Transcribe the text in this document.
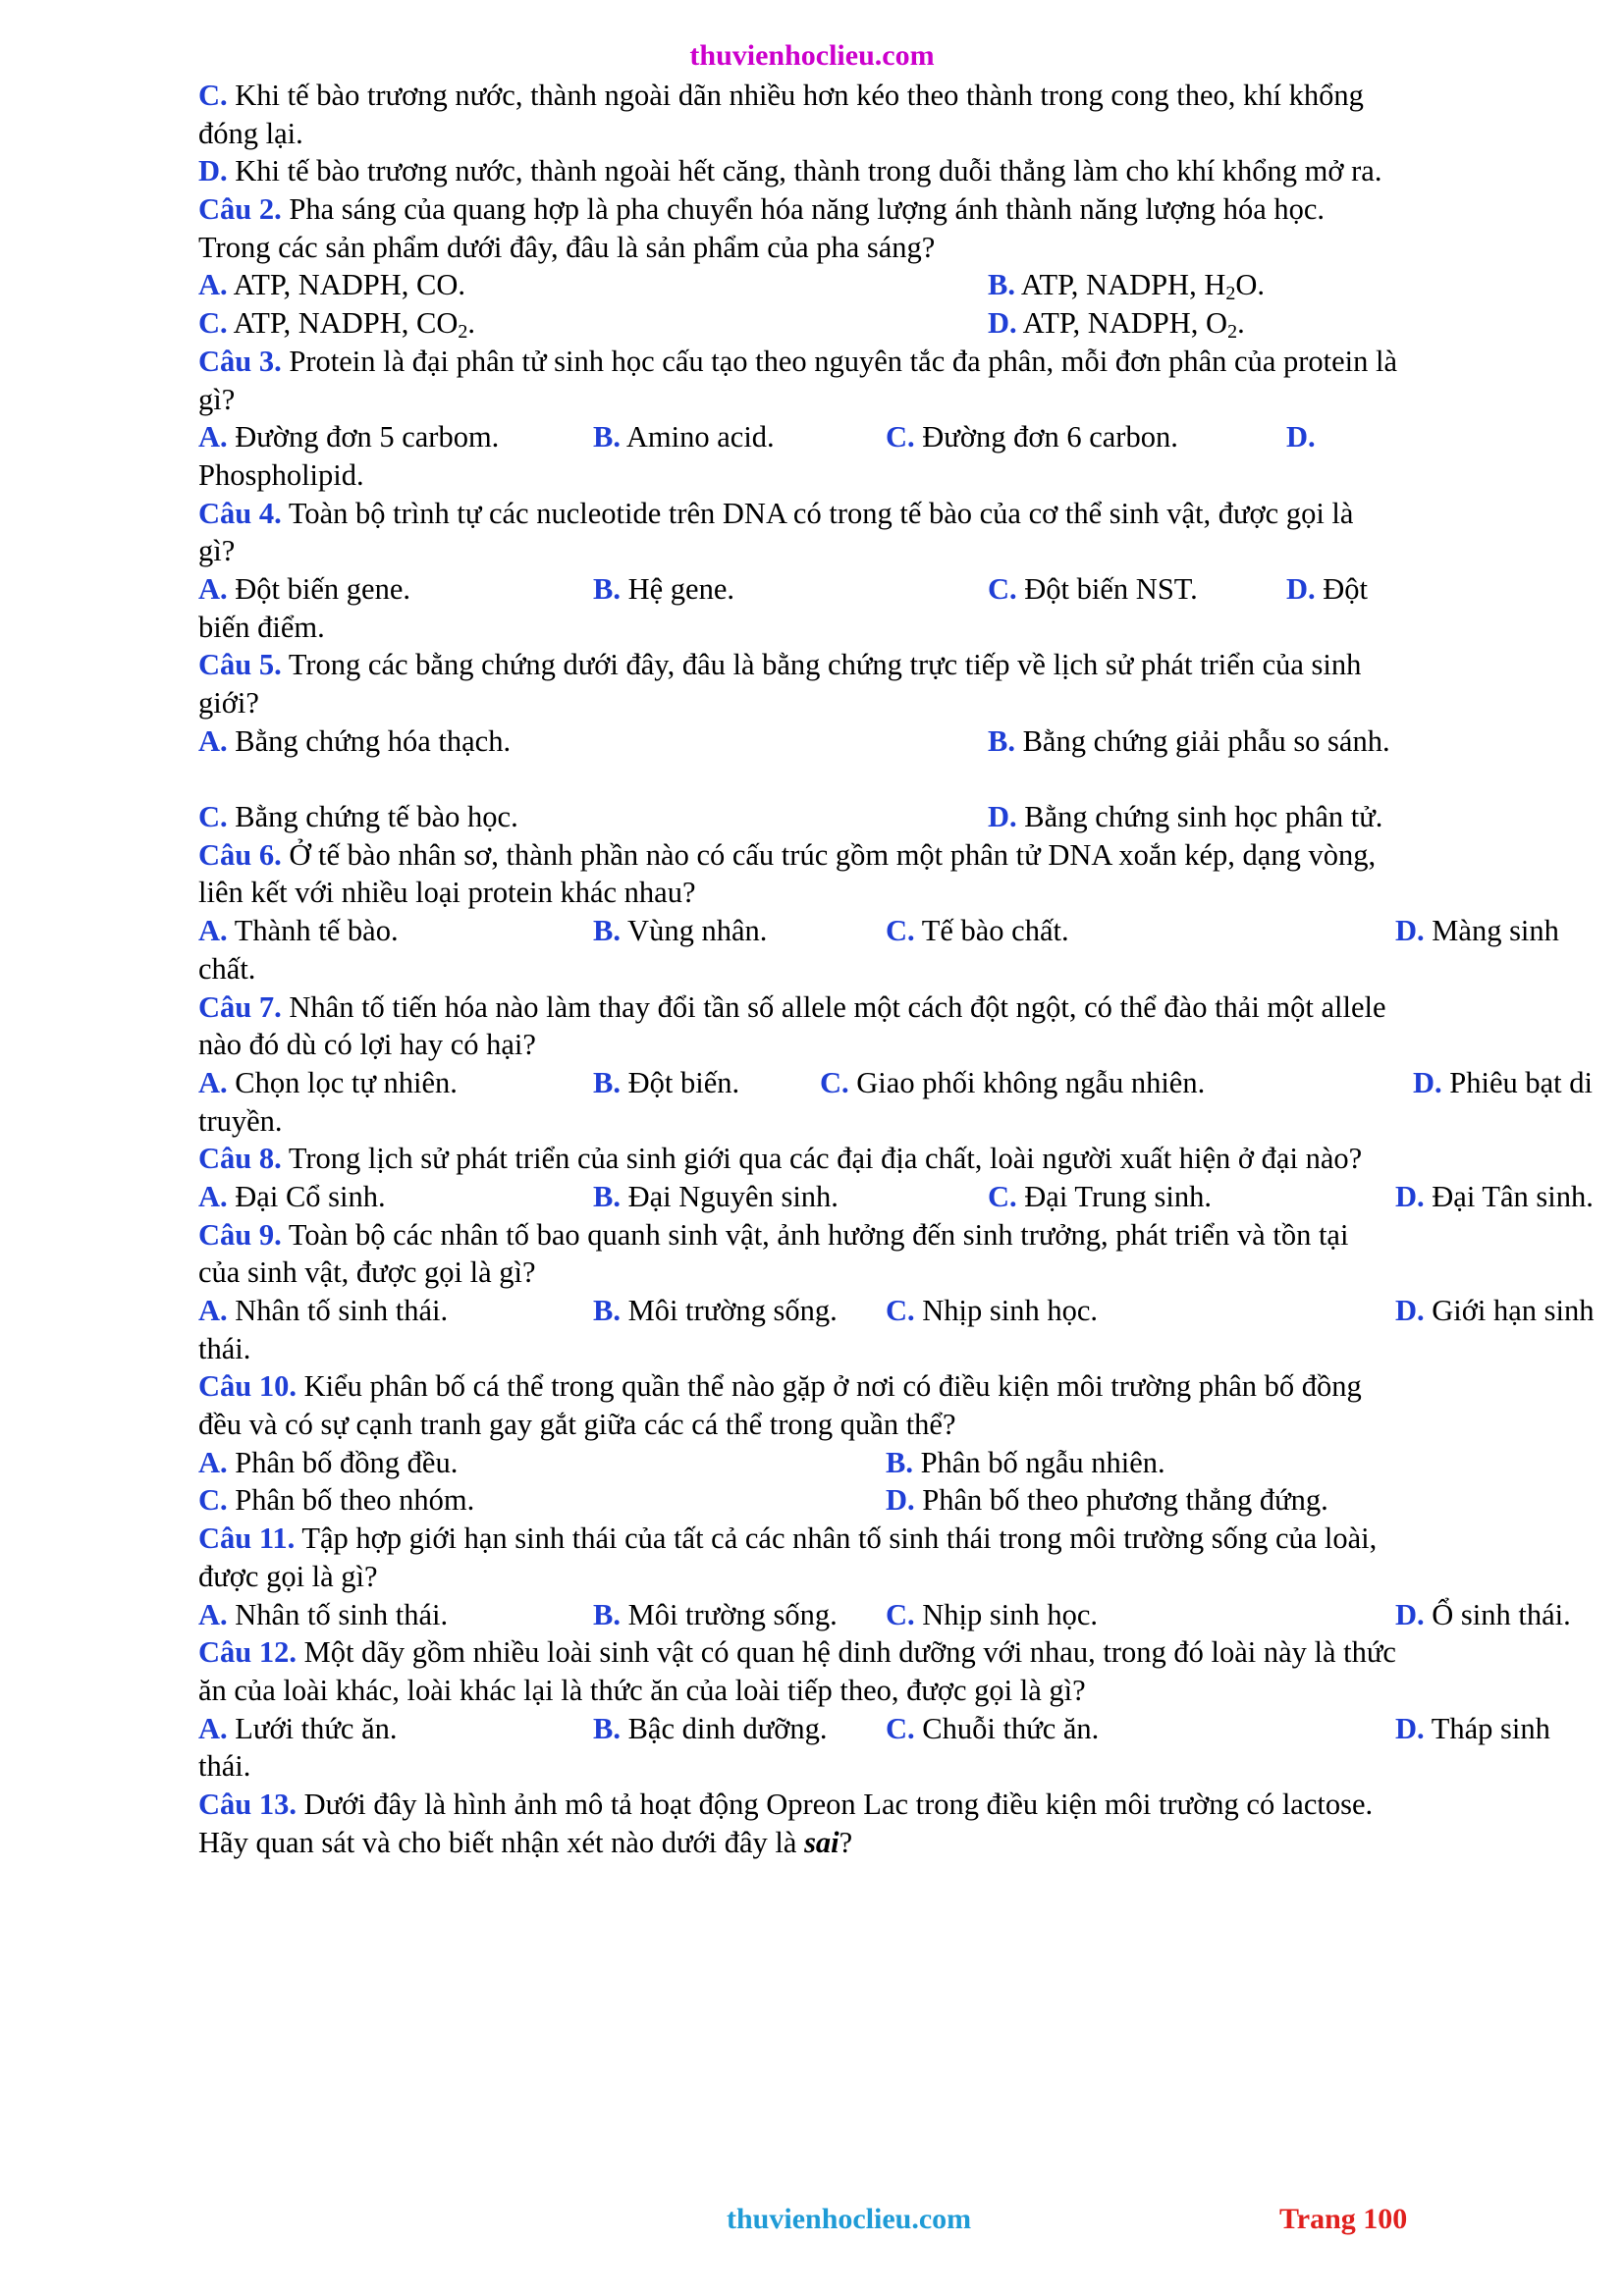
thuvienhoclieu.com
C. Khi tế bào trương nước, thành ngoài dãn nhiều hơn kéo theo thành trong cong theo, khí khổng
đóng lại.
D. Khi tế bào trương nước, thành ngoài hết căng, thành trong duỗi thẳng làm cho khí khổng mở ra.
Câu 2. Pha sáng của quang hợp là pha chuyển hóa năng lượng ánh thành năng lượng hóa học.
Trong các sản phẩm dưới đây, đâu là sản phẩm của pha sáng?
A. ATP, NADPH, CO.	B. ATP, NADPH, $H_2O$.
C. ATP, NADPH, $CO_2$.	D. ATP, NADPH, $O_2$.
Câu 3. Protein là đại phân tử sinh học cấu tạo theo nguyên tắc đa phân, mỗi đơn phân của protein là
gì?
A. Đường đơn 5 carbom.	B. Amino acid.	C. Đường đơn 6 carbon.	D.
Phospholipid.
Câu 4. Toàn bộ trình tự các nucleotide trên DNA có trong tế bào của cơ thể sinh vật, được gọi là
gì?
A. Đột biến gene.	B. Hệ gene.	C. Đột biến NST.	D. Đột
biến điểm.
Câu 5. Trong các bằng chứng dưới đây, đâu là bằng chứng trực tiếp về lịch sử phát triển của sinh
giới?
A. Bằng chứng hóa thạch.	B. Bằng chứng giải phẫu so sánh.
C. Bằng chứng tế bào học.	D. Bằng chứng sinh học phân tử.
Câu 6. Ở tế bào nhân sơ, thành phần nào có cấu trúc gồm một phân tử DNA xoắn kép, dạng vòng,
liên kết với nhiều loại protein khác nhau?
A. Thành tế bào.	B. Vùng nhân.	C. Tế bào chất.	D. Màng sinh
chất.
Câu 7. Nhân tố tiến hóa nào làm thay đổi tần số allele một cách đột ngột, có thể đào thải một allele
nào đó dù có lợi hay có hại?
A. Chọn lọc tự nhiên.	B. Đột biến.	C. Giao phối không ngẫu nhiên.	D. Phiêu bạt di
truyền.
Câu 8. Trong lịch sử phát triển của sinh giới qua các đại địa chất, loài người xuất hiện ở đại nào?
A. Đại Cổ sinh.	B. Đại Nguyên sinh.	C. Đại Trung sinh.	D. Đại Tân sinh.
Câu 9. Toàn bộ các nhân tố bao quanh sinh vật, ảnh hưởng đến sinh trưởng, phát triển và tồn tại
của sinh vật, được gọi là gì?
A. Nhân tố sinh thái.	B. Môi trường sống. C. Nhịp sinh học.	D. Giới hạn sinh
thái.
Câu 10. Kiểu phân bố cá thể trong quần thể nào gặp ở nơi có điều kiện môi trường phân bố đồng
đều và có sự cạnh tranh gay gắt giữa các cá thể trong quần thể?
A. Phân bố đồng đều.	B. Phân bố ngẫu nhiên.
C. Phân bố theo nhóm.	D. Phân bố theo phương thẳng đứng.
Câu 11. Tập hợp giới hạn sinh thái của tất cả các nhân tố sinh thái trong môi trường sống của loài,
được gọi là gì?
A. Nhân tố sinh thái.	B. Môi trường sống. C. Nhịp sinh học.	D. Ổ sinh thái.
Câu 12. Một dãy gồm nhiều loài sinh vật có quan hệ dinh dưỡng với nhau, trong đó loài này là thức
ăn của loài khác, loài khác lại là thức ăn của loài tiếp theo, được gọi là gì?
A. Lưới thức ăn.	B. Bậc dinh dưỡng. C. Chuỗi thức ăn.	D. Tháp sinh
thái.
Câu 13. Dưới đây là hình ảnh mô tả hoạt động Opreon Lac trong điều kiện môi trường có lactose.
Hãy quan sát và cho biết nhận xét nào dưới đây là sai?
thuvienhoclieu.com	Trang 100
